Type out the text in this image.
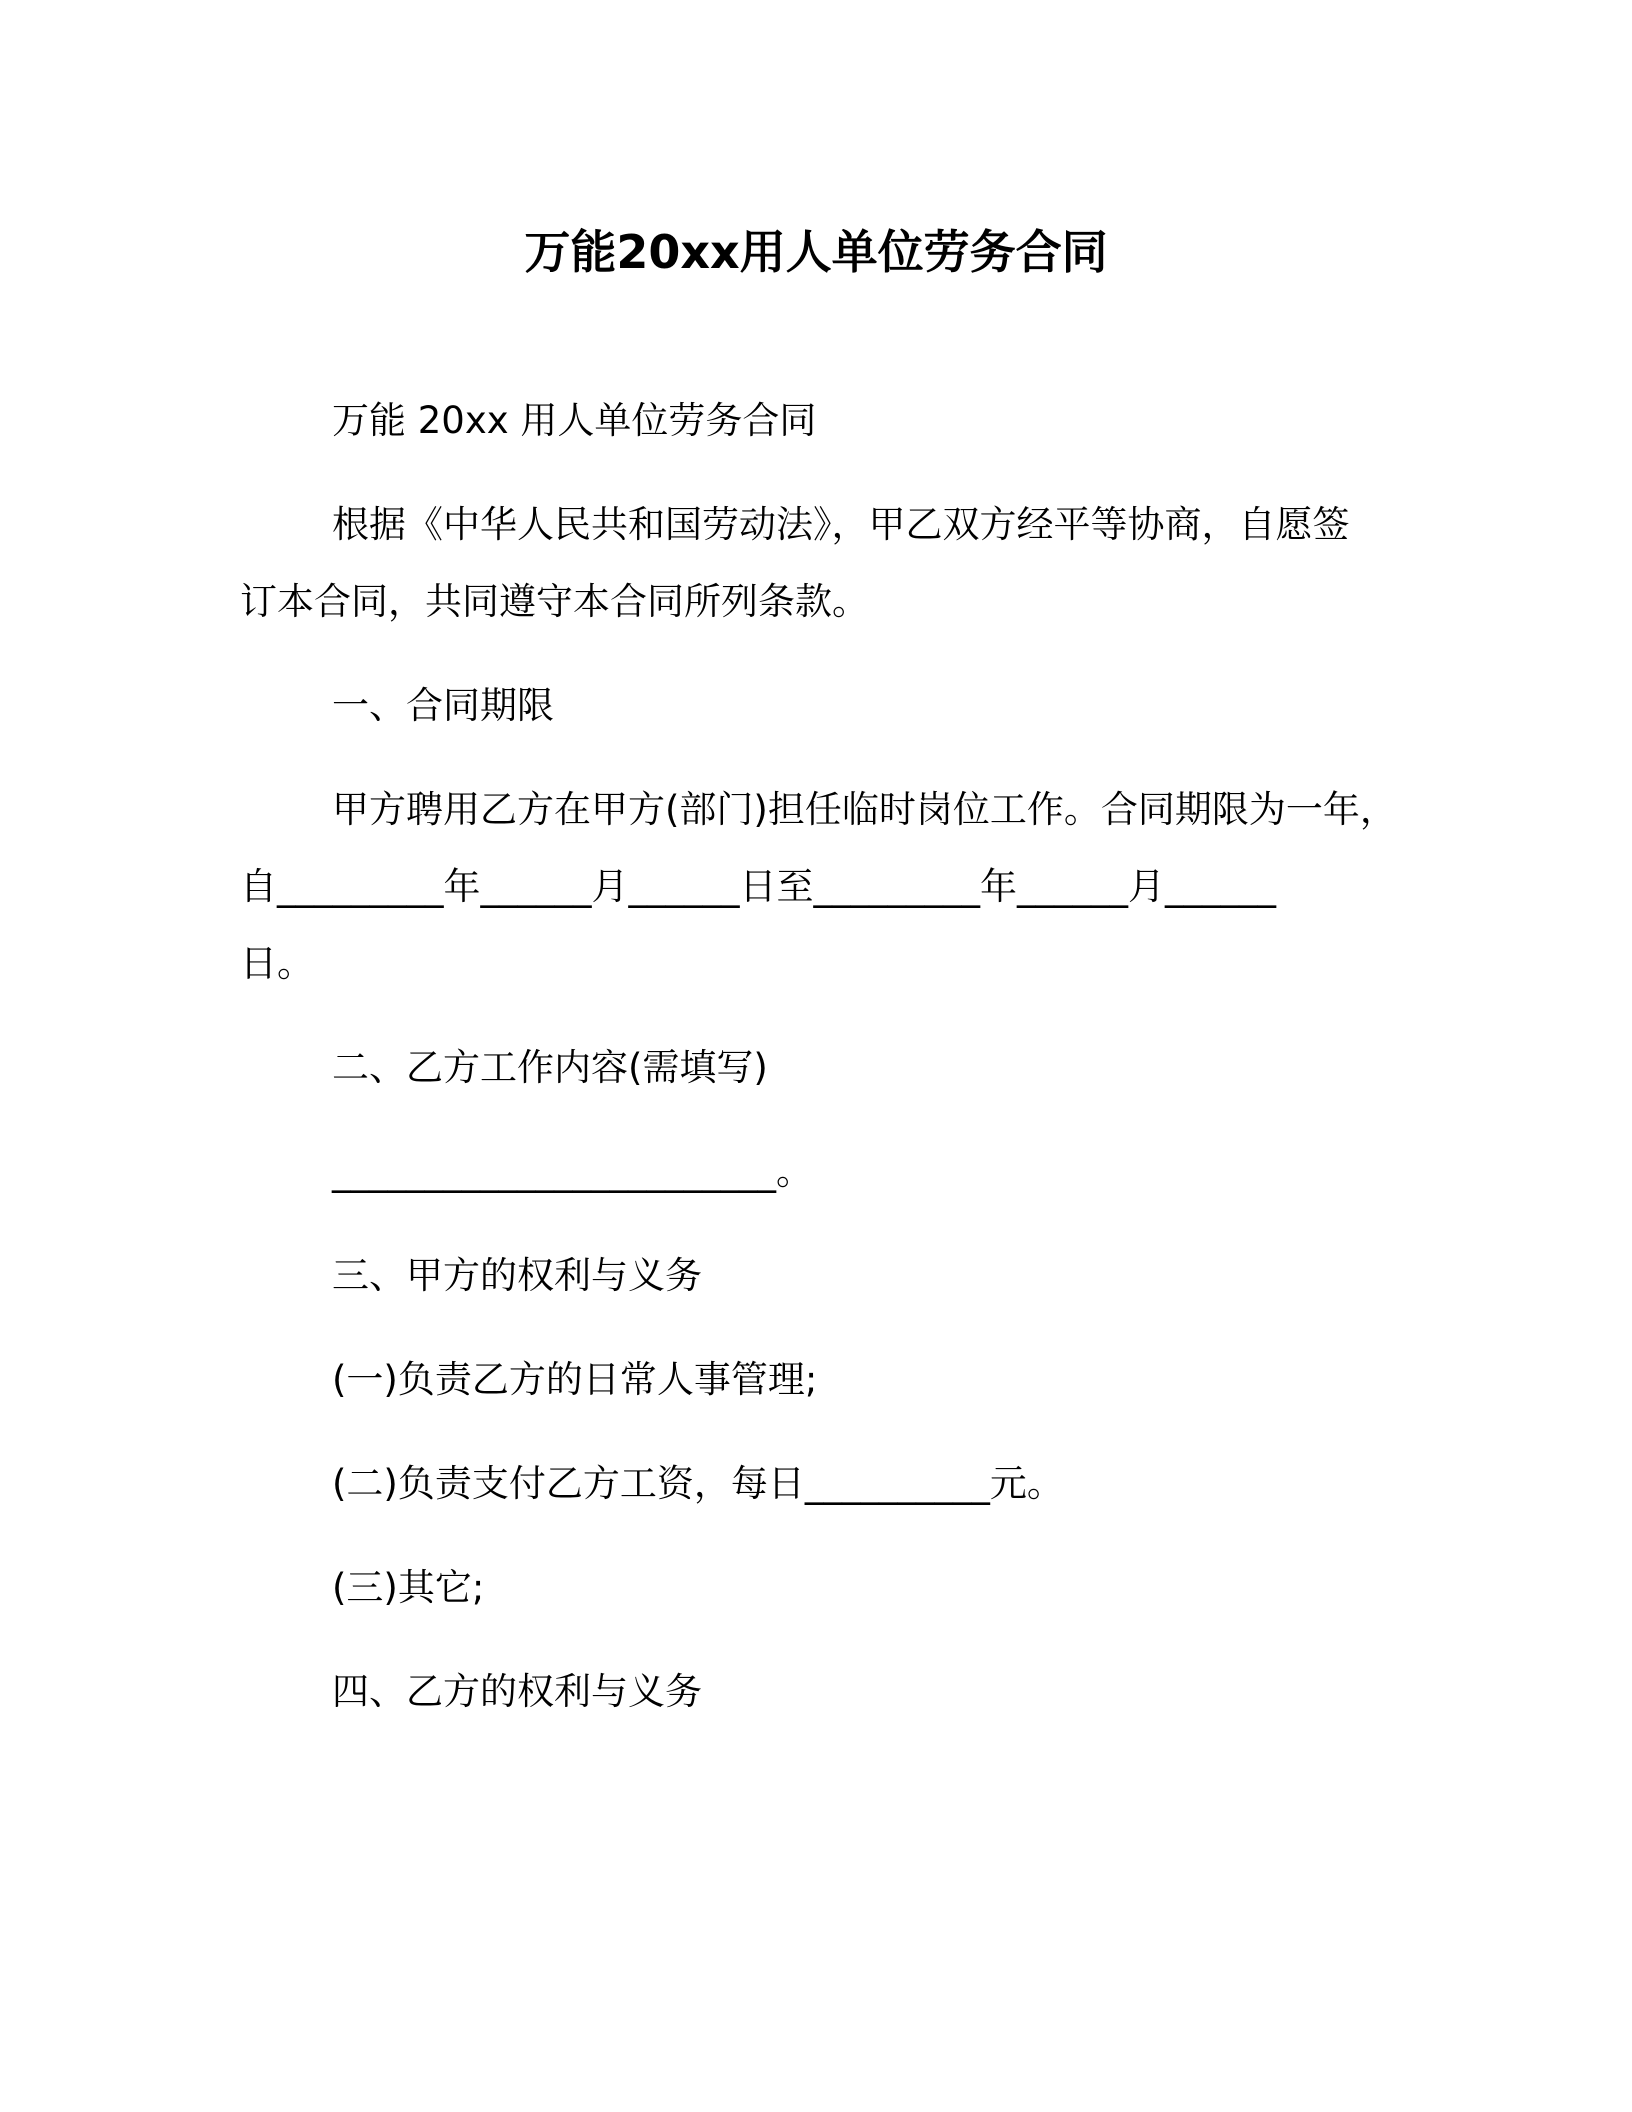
万能20xx用人单位劳务合同
万能 20xx 用人单位劳务合同
根据《中华人民共和国劳动法》，甲乙双方经平等协商，自愿签
订本合同，共同遵守本合同所列条款。
一、合同期限
甲方聘用乙方在甲方(部门)担任临时岗位工作。合同期限为一年，
自_________年______月______日至_________年______月______
日。
二、乙方工作内容(需填写)
________________________。
三、甲方的权利与义务
(一)负责乙方的日常人事管理;
(二)负责支付乙方工资，每日__________元。
(三)其它;
四、乙方的权利与义务
